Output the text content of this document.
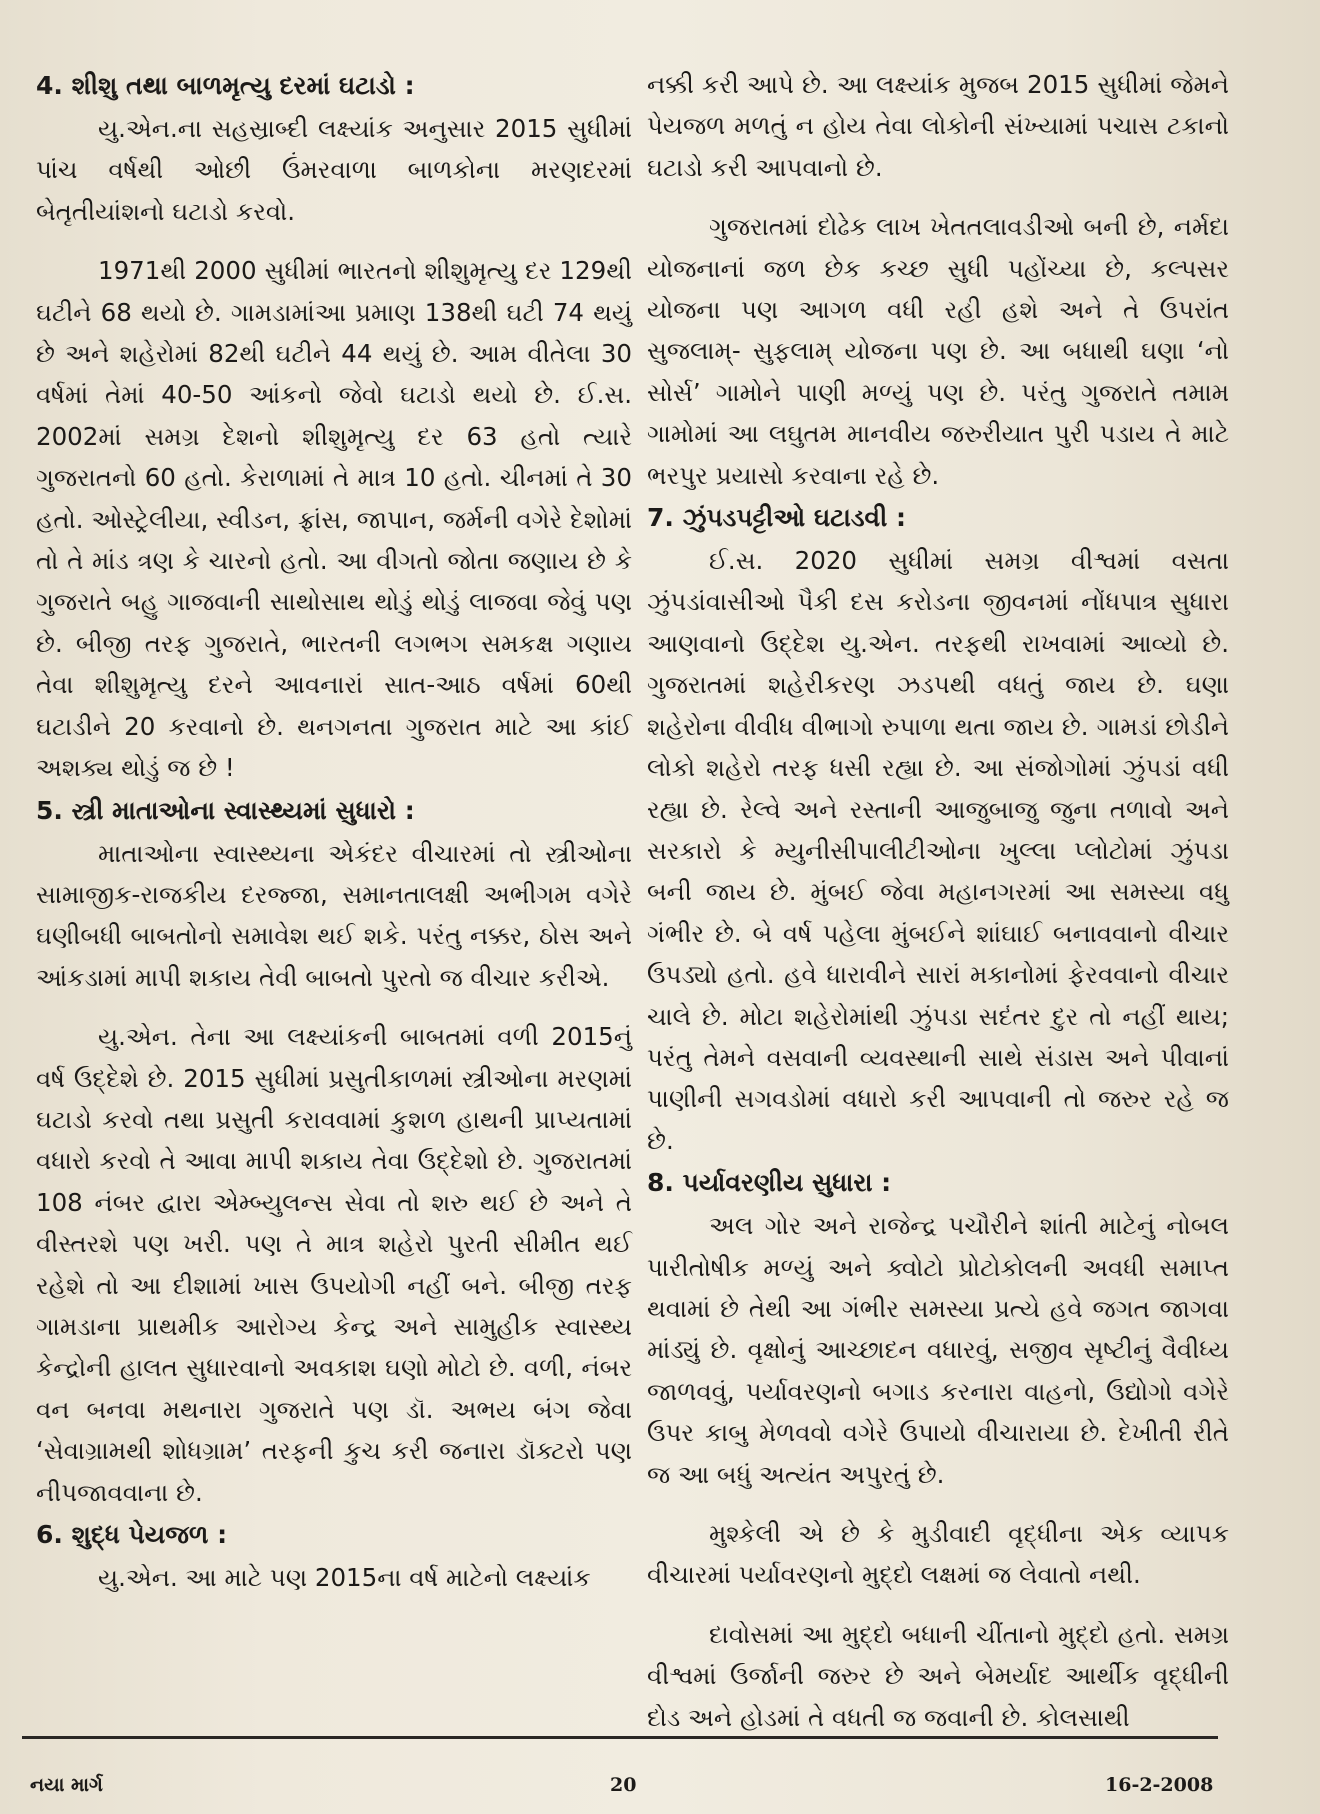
4. શીશુ તથા બાળમૃત્યુ દરમાં ઘટાડો :

યુ.એન.ના સહસ્રાબ્દી લક્ષ્યાંક અનુસાર 2015 સુધીમાં પાંચ વર્ષથી ઓછી ઉંમરવાળા બાળકોના મરણદરમાં બેતૃતીયાંશનો ઘટાડો કરવો.

1971થી 2000 સુધીમાં ભારતનો શીશુમૃત્યુ દર 129થી ઘટીને 68 થયો છે. ગામડામાંઆ પ્રમાણ 138થી ઘટી 74 થયું છે અને શહેરોમાં 82થી ઘટીને 44 થયું છે. આમ વીતેલા 30 વર્ષમાં તેમાં 40-50 આંકનો જેવો ઘટાડો થયો છે. ઈ.સ. 2002માં સમગ્ર દેશનો શીશુમૃત્યુ દર 63 હતો ત્યારે ગુજરાતનો 60 હતો. કેરાળામાં તે માત્ર 10 હતો. ચીનમાં તે 30 હતો. ઓસ્ટ્રેલીયા, સ્વીડન, ફ્રાંસ, જાપાન, જર્મની વગેરે દેશોમાં તો તે માંડ ત્રણ કે ચારનો હતો. આ વીગતો જોતા જણાય છે કે ગુજરાતે બહુ ગાજવાની સાથોસાથ થોડું થોડું લાજવા જેવું પણ છે. બીજી તરફ ગુજરાતે, ભારતની લગભગ સમકક્ષ ગણાય તેવા શીશુમૃત્યુ દરને આવનારાં સાત-આઠ વર્ષમાં 60થી ઘટાડીને 20 કરવાનો છે. થનગનતા ગુજરાત માટે આ કાંઈ અશક્ય થોડું જ છે !

5. સ્ત્રી માતાઓના સ્વાસ્થ્યમાં સુધારો :

માતાઓના સ્વાસ્થ્યના એકંદર વીચારમાં તો સ્ત્રીઓના સામાજીક-રાજકીય દરજ્જા, સમાનતાલક્ષી અભીગમ વગેરે ઘણીબધી બાબતોનો સમાવેશ થઈ શકે. પરંતુ નક્કર, ઠોસ અને આંકડામાં માપી શકાય તેવી બાબતો પુરતો જ વીચાર કરીએ.

યુ.એન. તેના આ લક્ષ્યાંકની બાબતમાં વળી 2015નું વર્ષ ઉદ્દેશે છે. 2015 સુધીમાં પ્રસુતીકાળમાં સ્ત્રીઓના મરણમાં ઘટાડો કરવો તથા પ્રસુતી કરાવવામાં કુશળ હાથની પ્રાપ્યતામાં વધારો કરવો તે આવા માપી શકાય તેવા ઉદ્દેશો છે. ગુજરાતમાં 108 નંબર દ્વારા એમ્બ્યુલન્સ સેવા તો શરુ થઈ છે અને તે વીસ્તરશે પણ ખરી. પણ તે માત્ર શહેરો પુરતી સીમીત થઈ રહેશે તો આ દીશામાં ખાસ ઉપયોગી નહીં બને. બીજી તરફ ગામડાના પ્રાથમીક આરોગ્ય કેન્દ્ર અને સામુહીક સ્વાસ્થ્ય કેન્દ્રોની હાલત સુધારવાનો અવકાશ ઘણો મોટો છે. વળી, નંબર વન બનવા મથનારા ગુજરાતે પણ ડૉ. અભય બંગ જેવા ‘સેવાગ્રામથી શોધગ્રામ’ તરફની કુચ કરી જનારા ડૉક્ટરો પણ નીપજાવવાના છે.

6. શુદ્ધ પેયજળ :

યુ.એન. આ માટે પણ 2015ના વર્ષ માટેનો લક્ષ્યાંક

નક્કી કરી આપે છે. આ લક્ષ્યાંક મુજબ 2015 સુધીમાં જેમને પેયજળ મળતું ન હોય તેવા લોકોની સંખ્યામાં પચાસ ટકાનો ઘટાડો કરી આપવાનો છે.

ગુજરાતમાં દોઢેક લાખ ખેતતલાવડીઓ બની છે, નર્મદા યોજનાનાં જળ છેક કચ્છ સુધી પહોંચ્યા છે, કલ્પસર યોજના પણ આગળ વધી રહી હશે અને તે ઉપરાંત સુજલામ્- સુફલામ્ યોજના પણ છે. આ બધાથી ઘણા ‘નો સોર્સ’ ગામોને પાણી મળ્યું પણ છે. પરંતુ ગુજરાતે તમામ ગામોમાં આ લઘુતમ માનવીય જરુરીયાત પુરી પડાય તે માટે ભરપુર પ્રયાસો કરવાના રહે છે.

7. ઝુંપડપટ્ટીઓ ઘટાડવી :

ઈ.સ. 2020 સુધીમાં સમગ્ર વીશ્વમાં વસતા ઝુંપડાંવાસીઓ પૈકી દસ કરોડના જીવનમાં નોંધપાત્ર સુધારા આણવાનો ઉદ્દેશ યુ.એન. તરફથી રાખવામાં આવ્યો છે. ગુજરાતમાં શહેરીકરણ ઝડપથી વધતું જાય છે. ઘણા શહેરોના વીવીધ વીભાગો રુપાળા થતા જાય છે. ગામડાં છોડીને લોકો શહેરો તરફ ધસી રહ્યા છે. આ સંજોગોમાં ઝુંપડાં વધી રહ્યા છે. રેલ્વે અને રસ્તાની આજુબાજુ જુના તળાવો અને સરકારો કે મ્યુનીસીપાલીટીઓના ખુલ્લા પ્લોટોમાં ઝુંપડા બની જાય છે. મુંબઈ જેવા મહાનગરમાં આ સમસ્યા વધુ ગંભીર છે. બે વર્ષ પહેલા મુંબઈને શાંઘાઈ બનાવવાનો વીચાર ઉપડ્યો હતો. હવે ધારાવીને સારાં મકાનોમાં ફેરવવાનો વીચાર ચાલે છે. મોટા શહેરોમાંથી ઝુંપડા સદંતર દુર તો નહીં થાય; પરંતુ તેમને વસવાની વ્યવસ્થાની સાથે સંડાસ અને પીવાનાં પાણીની સગવડોમાં વધારો કરી આપવાની તો જરુર રહે જ છે.

8. પર્યાવરણીય સુધારા :

અલ ગોર અને રાજેન્દ્ર પચૌરીને શાંતી માટેનું નોબલ પારીતોષીક મળ્યું અને ક્વોટો પ્રોટોકોલની અવધી સમાપ્ત થવામાં છે તેથી આ ગંભીર સમસ્યા પ્રત્યે હવે જગત જાગવા માંડ્યું છે. વૃક્ષોનું આચ્છાદન વધારવું, સજીવ સૃષ્ટીનું વૈવીધ્ય જાળવવું, પર્યાવરણનો બગાડ કરનારા વાહનો, ઉદ્યોગો વગેરે ઉપર કાબુ મેળવવો વગેરે ઉપાયો વીચારાયા છે. દેખીતી રીતે જ આ બધું અત્યંત અપુરતું છે.

મુશ્કેલી એ છે કે મુડીવાદી વૃદ્ધીના એક વ્યાપક વીચારમાં પર્યાવરણનો મુદ્દો લક્ષમાં જ લેવાતો નથી.

દાવોસમાં આ મુદ્દો બધાની ચીંતાનો મુદ્દો હતો. સમગ્ર વીશ્વમાં ઉર્જાની જરુર છે અને બેમર્યાદ આર્થીક વૃદ્ધીની દોડ અને હોડમાં તે વધતી જ જવાની છે. કોલસાથી

નયા માર્ગ	20	16-2-2008
